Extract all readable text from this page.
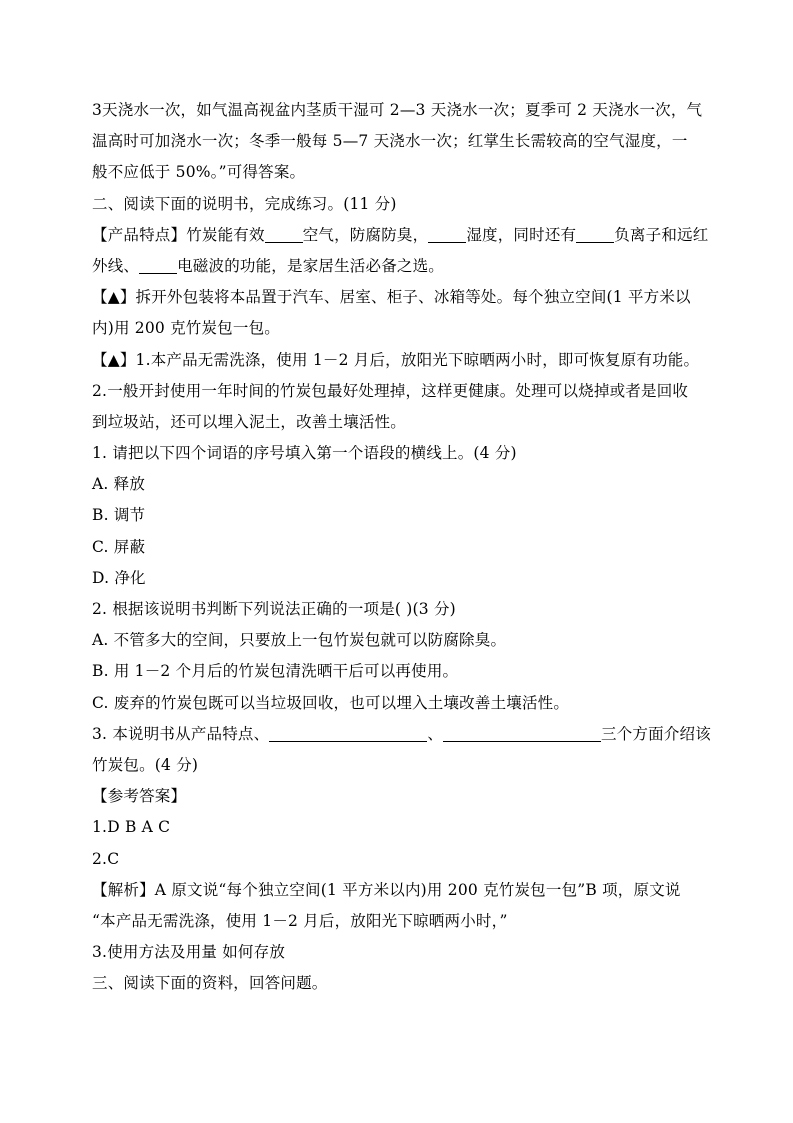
3天浇水一次，如气温高视盆内茎质干湿可 2—3 天浇水一次；夏季可 2 天浇水一次，气
温高时可加浇水一次；冬季一般每 5—7 天浇水一次；红掌生长需较高的空气湿度，一
般不应低于 50%。”可得答案。
二、阅读下面的说明书，完成练习。(11 分)
【产品特点】竹炭能有效 空气，防腐防臭， 湿度，同时还有 负离子和远红
外线、 电磁波的功能，是家居生活必备之选。
【▲】拆开外包装将本品置于汽车、居室、柜子、冰箱等处。每个独立空间(1 平方米以
内)用 200 克竹炭包一包。
【▲】1.本产品无需洗涤，使用 1－2 月后，放阳光下晾晒两小时，即可恢复原有功能。
2.一般开封使用一年时间的竹炭包最好处理掉，这样更健康。处理可以烧掉或者是回收
到垃圾站，还可以埋入泥土，改善土壤活性。
1. 请把以下四个词语的序号填入第一个语段的横线上。(4 分)
A. 释放
B. 调节
C. 屏蔽
D. 净化
2. 根据该说明书判断下列说法正确的一项是( )(3 分)
A. 不管多大的空间，只要放上一包竹炭包就可以防腐除臭。
B. 用 1－2 个月后的竹炭包清洗晒干后可以再使用。
C. 废弃的竹炭包既可以当垃圾回收，也可以埋入土壤改善土壤活性。
3. 本说明书从产品特点、	、	三个方面介绍该
竹炭包。(4 分)
【参考答案】
1.D B A C
2.C
【解析】A 原文说“每个独立空间(1 平方米以内)用 200 克竹炭包一包”B 项，原文说
“本产品无需洗涤，使用 1－2 月后，放阳光下晾晒两小时，”
3.使用方法及用量 如何存放
三、阅读下面的资料，回答问题。
